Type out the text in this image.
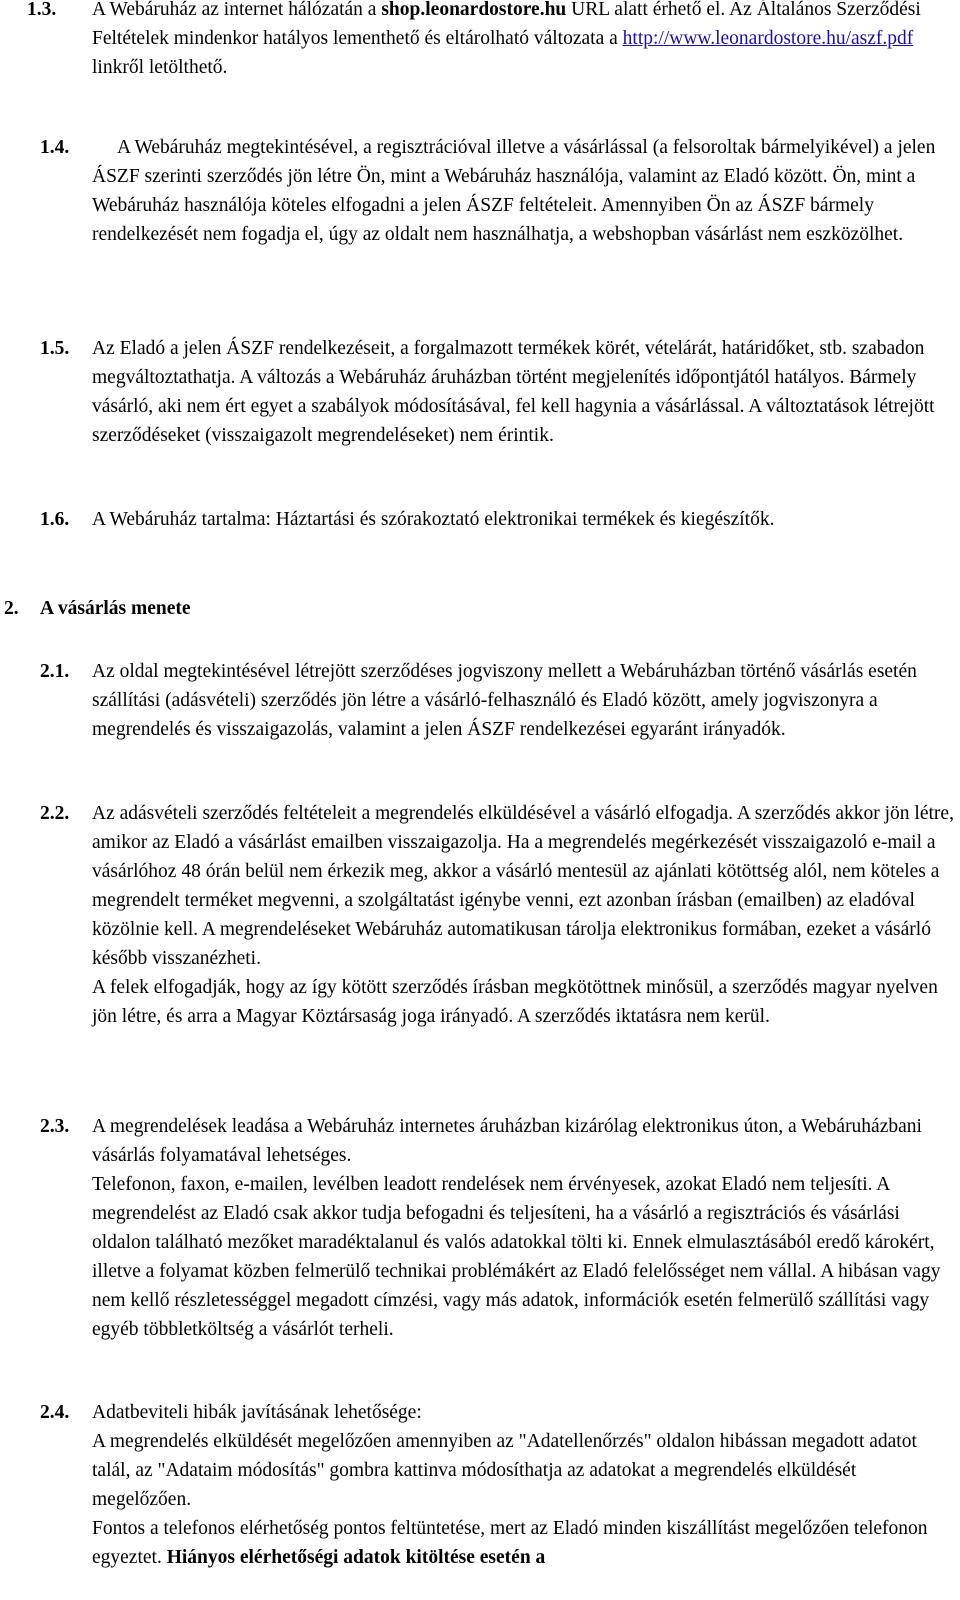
1.3. A Webáruház az internet hálózatán a shop.leonardostore.hu URL alatt érhető el. Az Általános Szerződési Feltételek mindenkor hatályos lementhető és eltárolható változata a http://www.leonardostore.hu/aszf.pdf linkről letölthető.

1.4.	A Webáruház megtekintésével, a regisztrációval illetve a vásárlással (a felsoroltak bármelyikével) a jelen ÁSZF szerinti szerződés jön létre Ön, mint a Webáruház használója, valamint az Eladó között. Ön, mint a Webáruház használója köteles elfogadni a jelen ÁSZF feltételeit. Amennyiben Ön az ÁSZF bármely rendelkezését nem fogadja el, úgy az oldalt nem használhatja, a webshopban vásárlást nem eszközölhet.

1.5. Az Eladó a jelen ÁSZF rendelkezéseit, a forgalmazott termékek körét, vételárát, határidőket, stb. szabadon megváltoztathatja. A változás a Webáruház áruházban történt megjelenítés időpontjától hatályos. Bármely vásárló, aki nem ért egyet a szabályok módosításával, fel kell hagynia a vásárlással. A változtatások létrejött szerződéseket (visszaigazolt megrendeléseket) nem érintik.

1.6. A Webáruház tartalma: Háztartási és szórakoztató elektronikai termékek és kiegészítők.

2. A vásárlás menete
2.1. Az oldal megtekintésével létrejött szerződéses jogviszony mellett a Webáruházban történő vásárlás esetén szállítási (adásvételi) szerződés jön létre a vásárló-felhasználó és Eladó között, amely jogviszonyra a megrendelés és visszaigazolás, valamint a jelen ÁSZF rendelkezései egyaránt irányadók.

2.2. Az adásvételi szerződés feltételeit a megrendelés elküldésével a vásárló elfogadja. A szerződés akkor jön létre, amikor az Eladó a vásárlást emailben visszaigazolja. Ha a megrendelés megérkezését visszaigazoló e-mail a vásárlóhoz 48 órán belül nem érkezik meg, akkor a vásárló mentesül az ajánlati kötöttség alól, nem köteles a megrendelt terméket megvenni, a szolgáltatást igénybe venni, ezt azonban írásban (emailben) az eladóval közölnie kell. A megrendeléseket Webáruház automatikusan tárolja elektronikus formában, ezeket a vásárló később visszanézheti.

A felek elfogadják, hogy az így kötött szerződés írásban megkötöttnek minősül, a szerződés magyar nyelven jön létre, és arra a Magyar Köztársaság joga irányadó. A szerződés iktatásra nem kerül.

2.3. A megrendelések leadása a Webáruház internetes áruházban kizárólag elektronikus úton, a Webáruházbani vásárlás folyamatával lehetséges.

Telefonon, faxon, e-mailen, levélben leadott rendelések nem érvényesek, azokat Eladó nem teljesíti. A megrendelést az Eladó csak akkor tudja befogadni és teljesíteni, ha a vásárló a regisztrációs és vásárlási oldalon található mezőket maradéktalanul és valós adatokkal tölti ki. Ennek elmulasztásából eredő károkért, illetve a folyamat közben felmerülő technikai problémákért az Eladó felelősséget nem vállal. A hibásan vagy nem kellő részletességgel megadott címzési, vagy más adatok, információk esetén felmerülő szállítási vagy egyéb többletköltség a vásárlót terheli.

2.4. Adatbeviteli hibák javításának lehetősége:

A megrendelés elküldését megelőzően amennyiben az "Adatellenőrzés" oldalon hibássan megadott adatot talál, az "Adataim módosítás" gombra kattinva módosíthatja az adatokat a megrendelés elküldését megelőzően.

Fontos a telefonos elérhetőség pontos feltüntetése, mert az Eladó minden kiszállítást megelőzően telefonon egyeztet. Hiányos elérhetőségi adatok kitöltése esetén a
